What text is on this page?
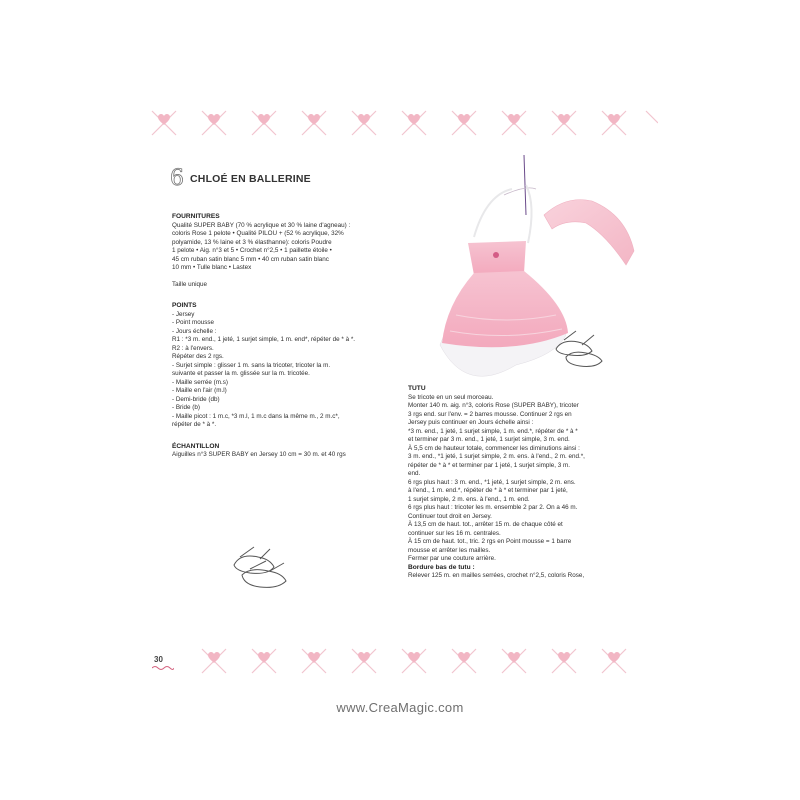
6 CHLOÉ EN BALLERINE
FOURNITURES
Qualité SUPER BABY (70 % acrylique et 30 % laine d'agneau) :
coloris Rose 1 pelote • Qualité PILOU + (52 % acrylique, 32%
polyamide, 13 % laine et 3 % élasthanne): coloris Poudre
1 pelote • Aig. n°3 et 5 • Crochet n°2,5 • 1 paillette étoile •
45 cm ruban satin blanc 5 mm • 40 cm ruban satin blanc
10 mm • Tulle blanc • Lastex
Taille unique
POINTS
- Jersey
- Point mousse
- Jours échelle :
R1 : *3 m. end., 1 jeté, 1 surjet simple, 1 m. end*, répéter de * à *.
R2 : à l'envers.
Répéter des 2 rgs.
- Surjet simple : glisser 1 m. sans la tricoter, tricoter la m.
suivante et passer la m. glissée sur la m. tricotée.
- Maille serrée (m.s)
- Maille en l'air (m.l)
- Demi-bride (db)
- Bride (b)
- Maille picot : 1 m.c, *3 m.l, 1 m.c dans la même m., 2 m.c*,
répéter de * à *.
ÉCHANTILLON
Aiguilles n°3 SUPER BABY en Jersey 10 cm = 30 m. et 40 rgs
TUTU
Se tricote en un seul morceau.
Monter 140 m. aig. n°3, coloris Rose (SUPER BABY), tricoter
3 rgs end. sur l'env. = 2 barres mousse. Continuer 2 rgs en
Jersey puis continuer en Jours échelle ainsi :
*3 m. end., 1 jeté, 1 surjet simple, 1 m. end.*, répéter de * à *
et terminer par 3 m. end., 1 jeté, 1 surjet simple, 3 m. end.
À 5,5 cm de hauteur totale, commencer les diminutions ainsi :
3 m. end., *1 jeté, 1 surjet simple, 2 m. ens. à l'end., 2 m. end.*,
répéter de * à * et terminer par 1 jeté, 1 surjet simple, 3 m.
end.
6 rgs plus haut : 3 m. end., *1 jeté, 1 surjet simple, 2 m. ens.
à l'end., 1 m. end.*, répéter de * à * et terminer par 1 jeté,
1 surjet simple, 2 m. ens. à l'end., 1 m. end.
6 rgs plus haut : tricoter les m. ensemble 2 par 2. On a 46 m.
Continuer tout droit en Jersey.
À 13,5 cm de haut. tot., arrêter 15 m. de chaque côté et
continuer sur les 16 m. centrales.
À 15 cm de haut. tot., tric. 2 rgs en Point mousse = 1 barre
mousse et arrêter les mailles.
Fermer par une couture arrière.
Bordure bas de tutu :
Relever 125 m. en mailles serrées, crochet n°2,5, coloris Rose,
30
www.CreaMagic.com
